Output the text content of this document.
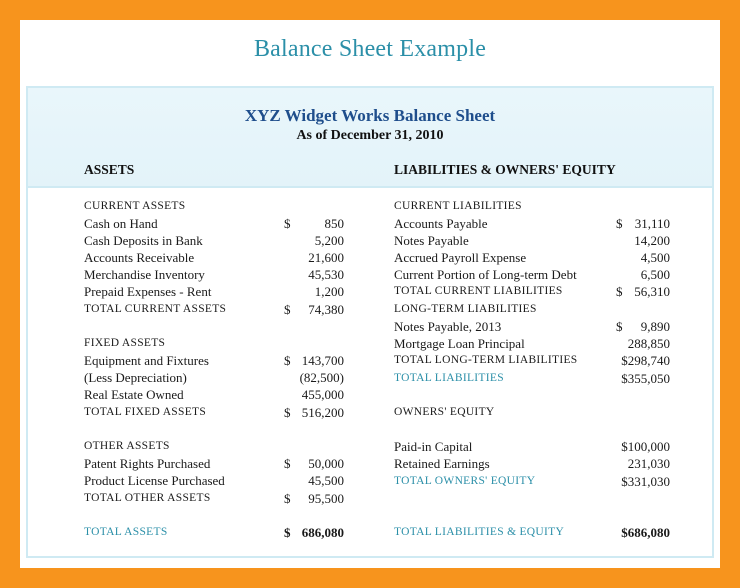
Balance Sheet Example
XYZ Widget Works Balance Sheet
As of December 31, 2010
ASSETS	LIABILITIES & OWNERS' EQUITY
CURRENT ASSETS
Cash on Hand	$	850
Cash Deposits in Bank	5,200
Accounts Receivable	21,600
Merchandise Inventory	45,530
Prepaid Expenses - Rent	1,200
TOTAL CURRENT ASSETS	$ 74,380
FIXED ASSETS
Equipment and Fixtures	$ 143,700
(Less Depreciation)	(82,500)
Real Estate Owned	455,000
TOTAL FIXED ASSETS	$ 516,200
OTHER ASSETS
Patent Rights Purchased	$ 50,000
Product License Purchased	45,500
TOTAL OTHER ASSETS	$ 95,500
TOTAL ASSETS	$ 686,080
CURRENT LIABILITIES
Accounts Payable	$ 31,110
Notes Payable	14,200
Accrued Payroll Expense	4,500
Current Portion of Long-term Debt	6,500
TOTAL CURRENT LIABILITIES	$ 56,310
LONG-TERM LIABILITIES
Notes Payable, 2013	$ 9,890
Mortgage Loan Principal	288,850
TOTAL LONG-TERM LIABILITIES	$298,740
TOTAL LIABILITIES	$355,050
OWNERS' EQUITY
Paid-in Capital	$100,000
Retained Earnings	231,030
TOTAL OWNERS' EQUITY	$331,030
TOTAL LIABILITIES & EQUITY	$686,080
